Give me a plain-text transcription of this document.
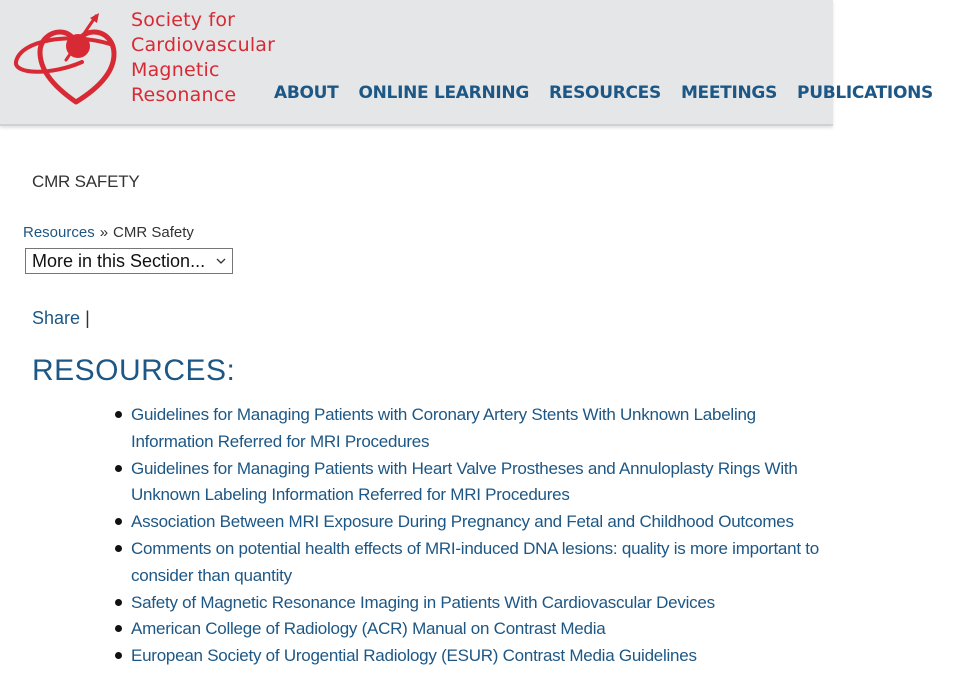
Society for
Cardiovascular
Magnetic
Resonance	ABOUT ONLINE LEARNING RESOURCES MEETINGS PUBLICATIONS
CMR SAFETY
Resources » CMR Safety
More in this Section...
Share |
RESOURCES:
Guidelines for Managing Patients with Coronary Artery Stents With Unknown Labeling Information Referred for MRI Procedures
Guidelines for Managing Patients with Heart Valve Prostheses and Annuloplasty Rings With Unknown Labeling Information Referred for MRI Procedures
Association Between MRI Exposure During Pregnancy and Fetal and Childhood Outcomes
Comments on potential health effects of MRI-induced DNA lesions: quality is more important to consider than quantity
Safety of Magnetic Resonance Imaging in Patients With Cardiovascular Devices
American College of Radiology (ACR) Manual on Contrast Media
European Society of Urogential Radiology (ESUR) Contrast Media Guidelines
